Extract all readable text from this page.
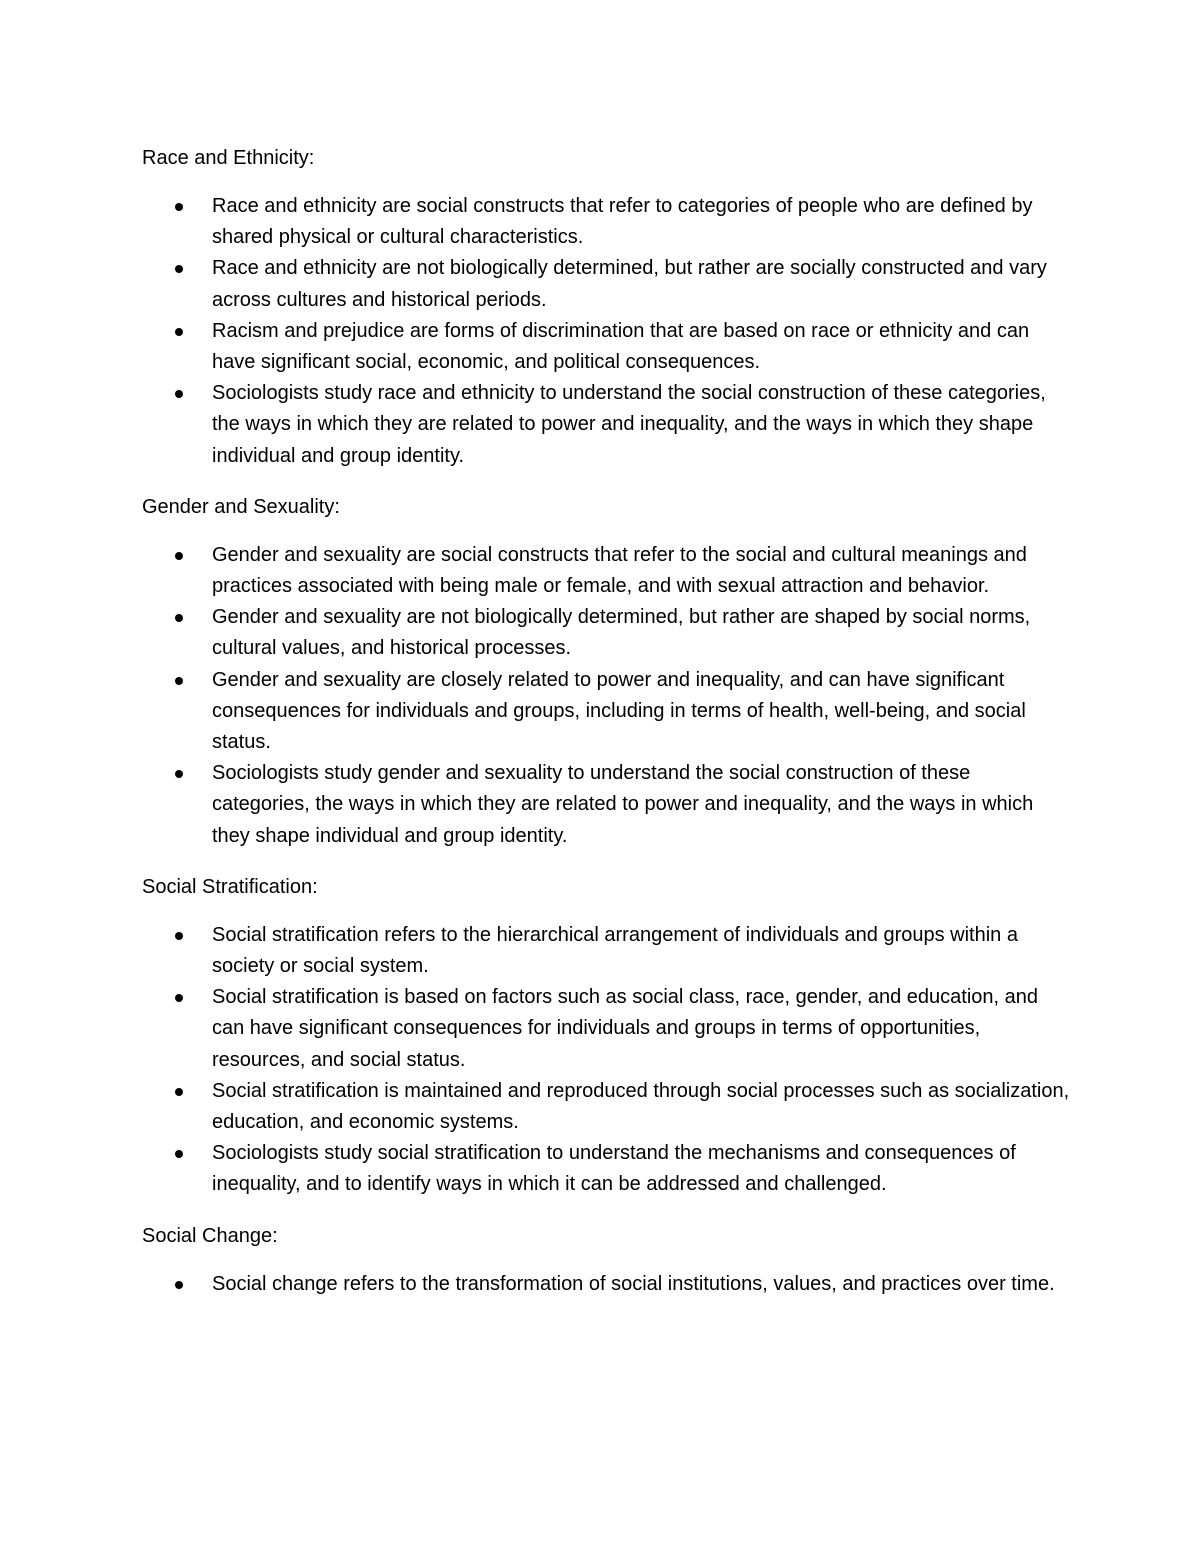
Race and Ethnicity:
Race and ethnicity are social constructs that refer to categories of people who are defined by shared physical or cultural characteristics.
Race and ethnicity are not biologically determined, but rather are socially constructed and vary across cultures and historical periods.
Racism and prejudice are forms of discrimination that are based on race or ethnicity and can have significant social, economic, and political consequences.
Sociologists study race and ethnicity to understand the social construction of these categories, the ways in which they are related to power and inequality, and the ways in which they shape individual and group identity.
Gender and Sexuality:
Gender and sexuality are social constructs that refer to the social and cultural meanings and practices associated with being male or female, and with sexual attraction and behavior.
Gender and sexuality are not biologically determined, but rather are shaped by social norms, cultural values, and historical processes.
Gender and sexuality are closely related to power and inequality, and can have significant consequences for individuals and groups, including in terms of health, well-being, and social status.
Sociologists study gender and sexuality to understand the social construction of these categories, the ways in which they are related to power and inequality, and the ways in which they shape individual and group identity.
Social Stratification:
Social stratification refers to the hierarchical arrangement of individuals and groups within a society or social system.
Social stratification is based on factors such as social class, race, gender, and education, and can have significant consequences for individuals and groups in terms of opportunities, resources, and social status.
Social stratification is maintained and reproduced through social processes such as socialization, education, and economic systems.
Sociologists study social stratification to understand the mechanisms and consequences of inequality, and to identify ways in which it can be addressed and challenged.
Social Change:
Social change refers to the transformation of social institutions, values, and practices over time.
